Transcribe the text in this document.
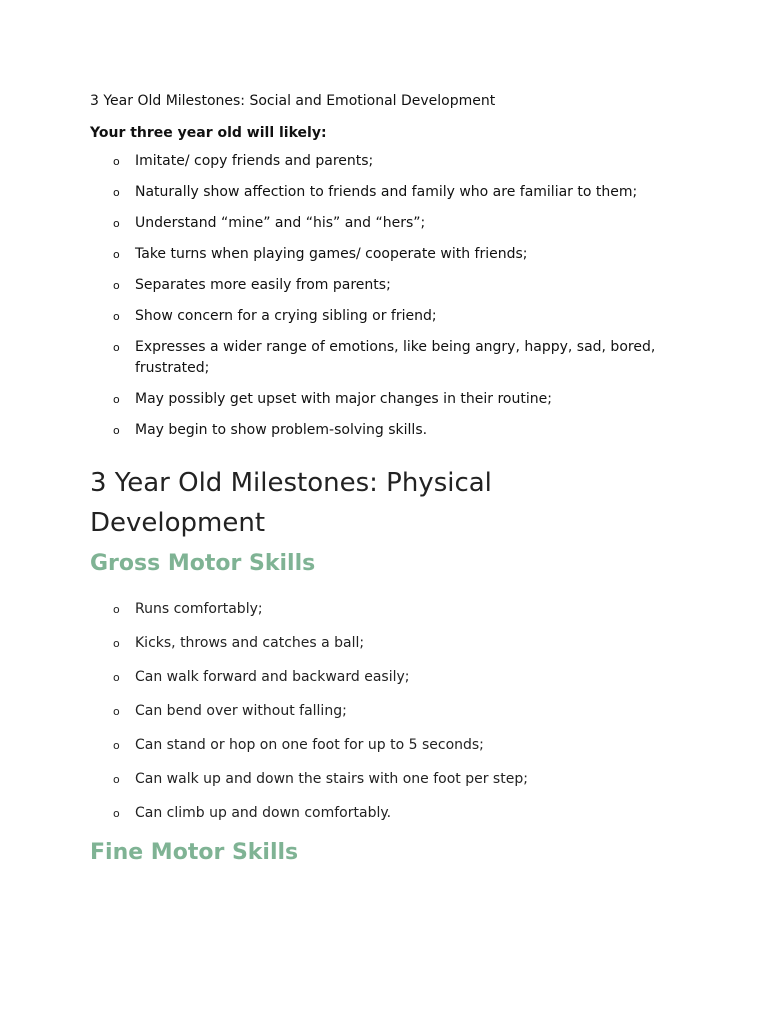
3 Year Old Milestones: Social and Emotional Development
Your three year old will likely:
o Imitate/ copy friends and parents;
o Naturally show affection to friends and family who are familiar to them;
o Understand “mine” and “his” and “hers”;
o Take turns when playing games/ cooperate with friends;
o Separates more easily from parents;
o Show concern for a crying sibling or friend;
o Expresses a wider range of emotions, like being angry, happy, sad, bored, frustrated;
o May possibly get upset with major changes in their routine;
o May begin to show problem-solving skills.
3 Year Old Milestones: Physical Development
Gross Motor Skills
o Runs comfortably;
o Kicks, throws and catches a ball;
o Can walk forward and backward easily;
o Can bend over without falling;
o Can stand or hop on one foot for up to 5 seconds;
o Can walk up and down the stairs with one foot per step;
o Can climb up and down comfortably.
Fine Motor Skills
